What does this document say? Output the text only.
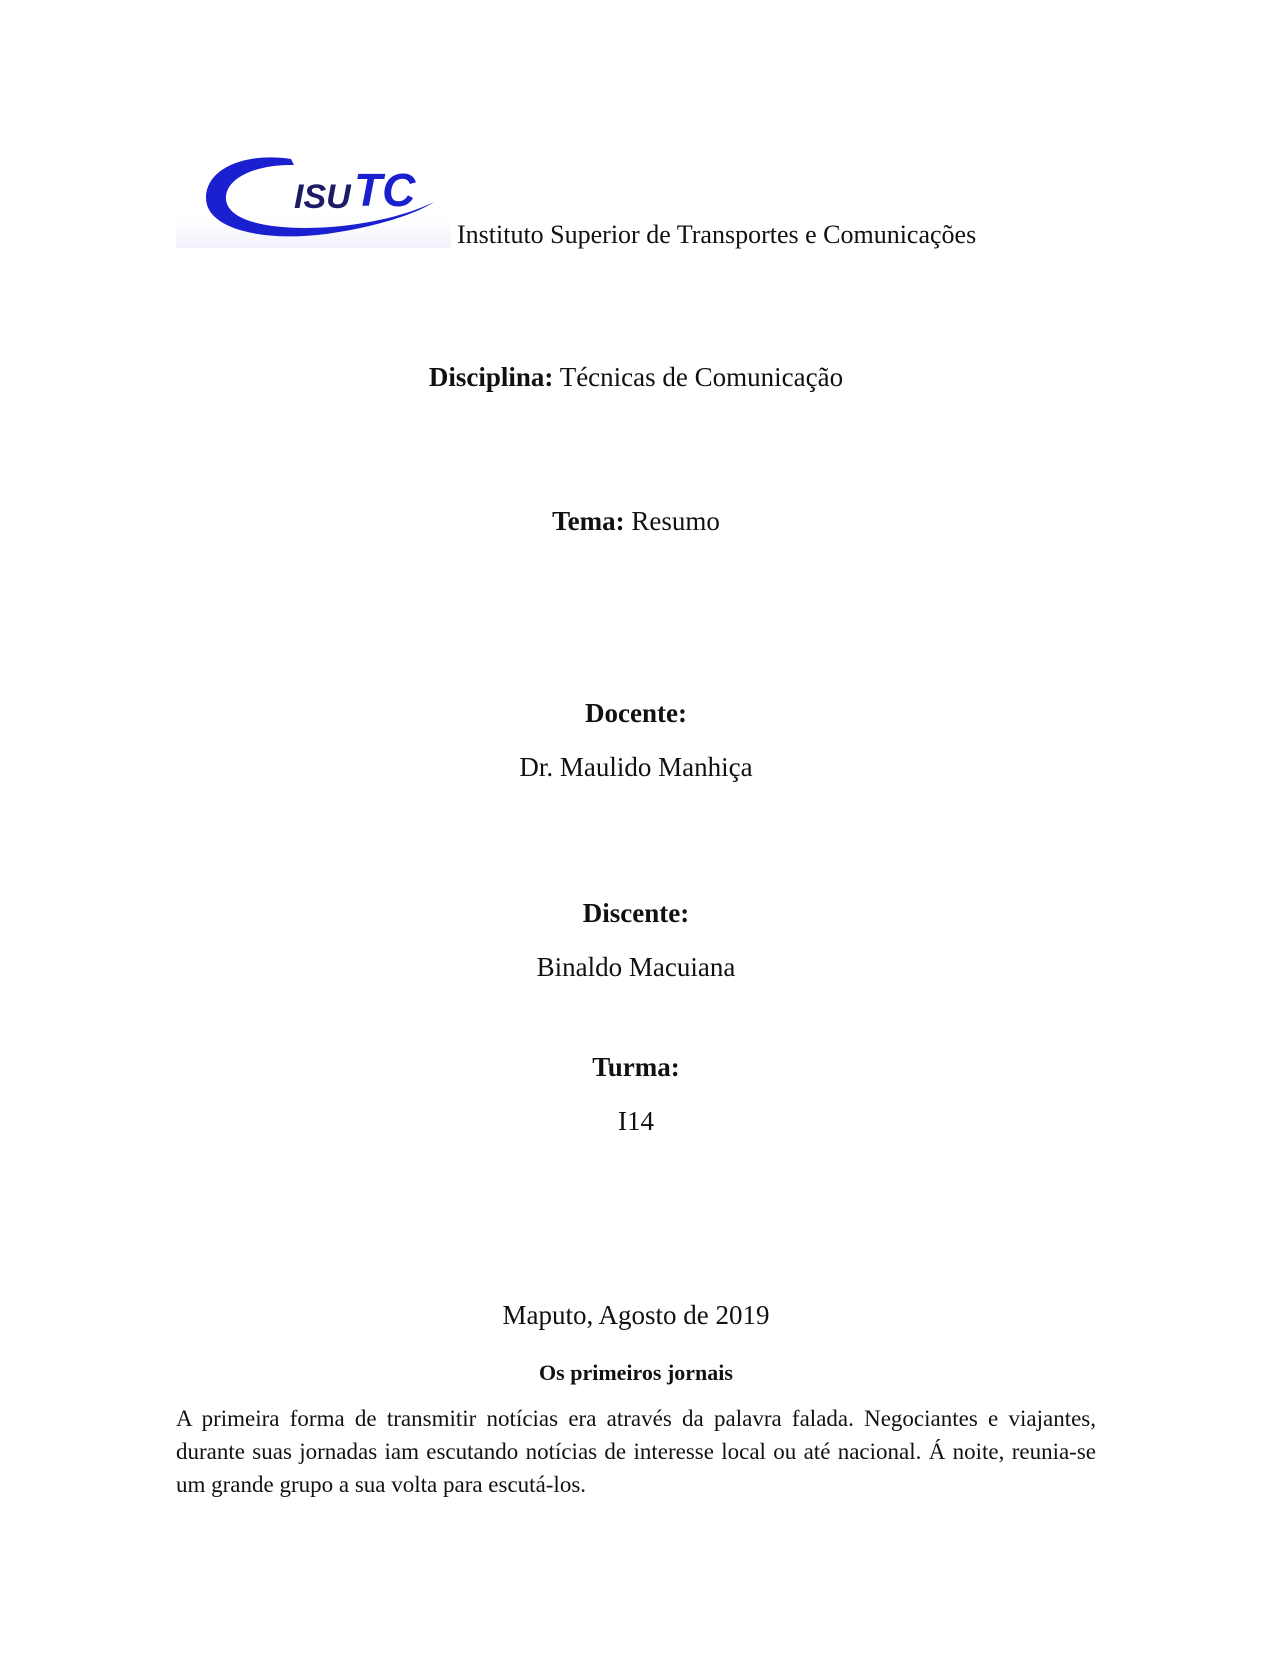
ISU TC
Instituto Superior de Transportes e Comunicações
Disciplina: Técnicas de Comunicação
Tema: Resumo
Docente:
Dr. Maulido Manhiça
Discente:
Binaldo Macuiana
Turma:
I14
Maputo, Agosto de 2019
Os primeiros jornais
A primeira forma de transmitir notícias era através da palavra falada. Negociantes e viajantes, durante suas jornadas iam escutando notícias de interesse local ou até nacional. Á noite, reunia-se um grande grupo a sua volta para escutá-los.
